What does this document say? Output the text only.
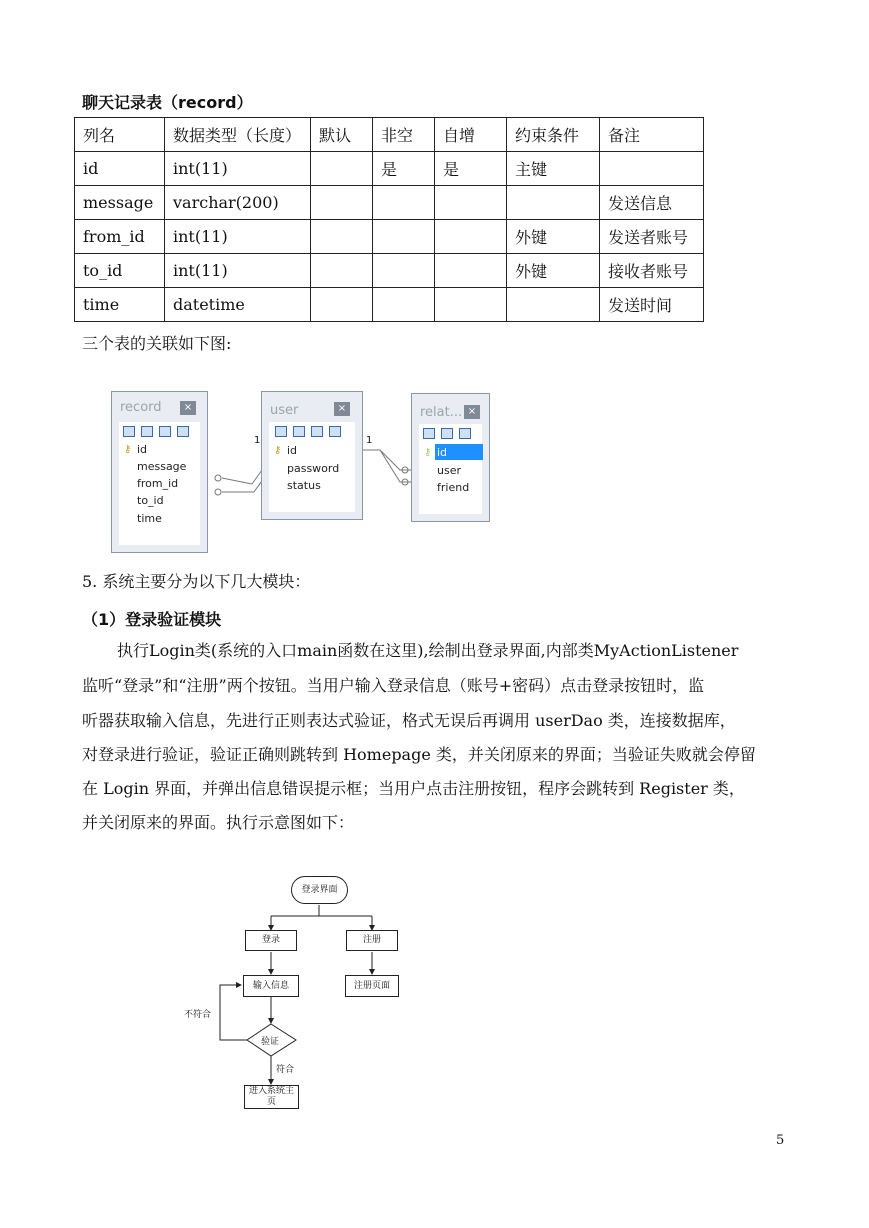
聊天记录表（record）
列名	数据类型（长度）	默认	非空	自增	约束条件	备注
id	int(11)		是	是	主键	
message	varchar(200)					发送信息
from_id	int(11)				外键	发送者账号
to_id	int(11)				外键	接收者账号
time	datetime					发送时间
三个表的关联如下图:
1	1
record	×
⚷ id
message
from_id
to_id
time
user	×
⚷ id
password
status
relat... ×
⚷ id
user
friend
5. 系统主要分为以下几大模块：
（1）登录验证模块
执行Login类(系统的入口main函数在这里),绘制出登录界面,内部类MyActionListener
监听“登录”和“注册”两个按钮。当用户输入登录信息（账号+密码）点击登录按钮时，监
听器获取输入信息，先进行正则表达式验证，格式无误后再调用 userDao 类，连接数据库，
对登录进行验证，验证正确则跳转到 Homepage 类，并关闭原来的界面；当验证失败就会停留
在 Login 界面，并弹出信息错误提示框；当用户点击注册按钮，程序会跳转到 Register 类，
并关闭原来的界面。执行示意图如下：
登录界面
登录	注册
输入信息	注册页面
验证
不符合
符合
进入系统主页
5
